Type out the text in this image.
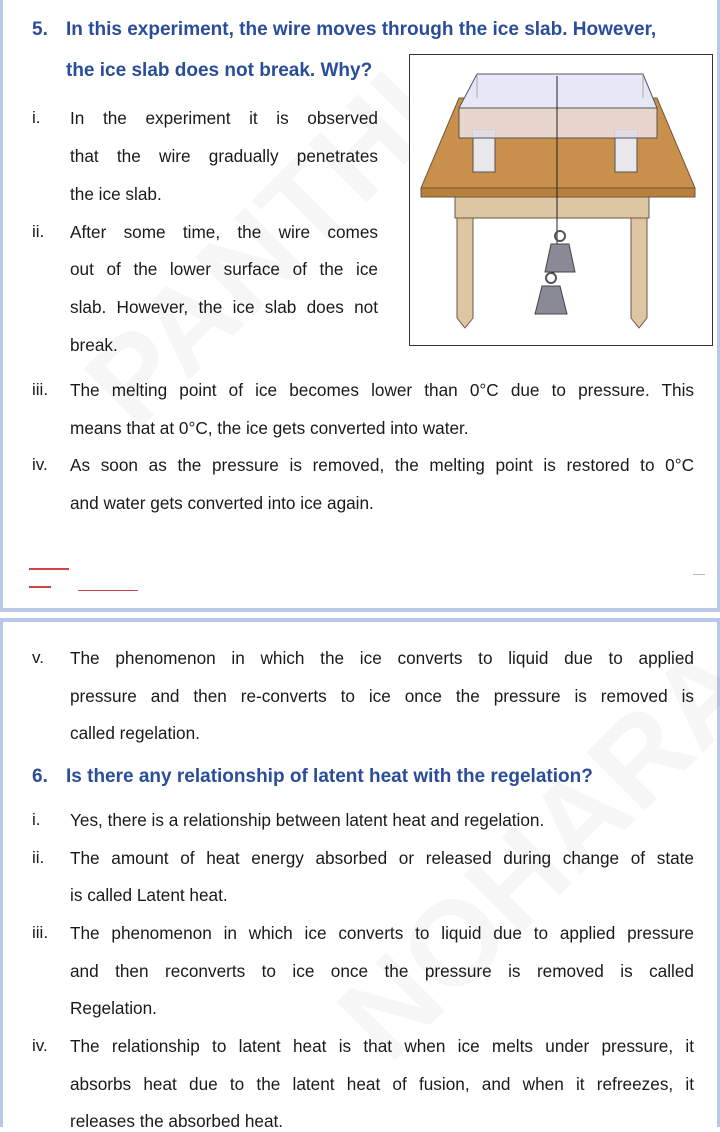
5. In this experiment, the wire moves through the ice slab. However,
the ice slab does not break. Why?
i. In the experiment it is observed
that the wire gradually penetrates
the ice slab.
ii. After some time, the wire comes
out of the lower surface of the ice
slab. However, the ice slab does not
break.
iii. The melting point of ice becomes lower than 0°C due to pressure. This
means that at 0°C, the ice gets converted into water.
iv. As soon as the pressure is removed, the melting point is restored to 0°C
and water gets converted into ice again.
v. The phenomenon in which the ice converts to liquid due to applied
pressure and then re-converts to ice once the pressure is removed is
called regelation.
6. Is there any relationship of latent heat with the regelation?
i. Yes, there is a relationship between latent heat and regelation.
ii. The amount of heat energy absorbed or released during change of state
is called Latent heat.
iii. The phenomenon in which ice converts to liquid due to applied pressure
and then reconverts to ice once the pressure is removed is called
Regelation.
iv. The relationship to latent heat is that when ice melts under pressure, it
absorbs heat due to the latent heat of fusion, and when it refreezes, it
releases the absorbed heat.
